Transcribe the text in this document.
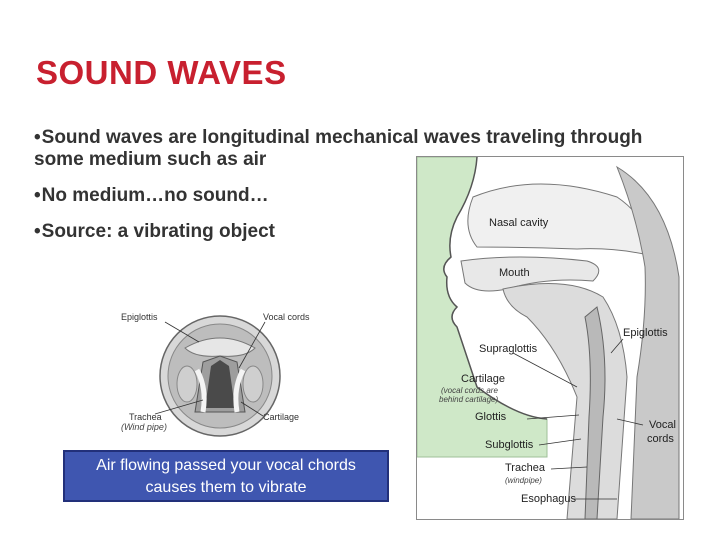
SOUND WAVES
•Sound waves are longitudinal mechanical waves traveling through some medium such as air
•No medium…no sound…
•Source: a vibrating object
Epiglottis	Vocal cords
Trachea
(Wind pipe)
Cartilage
Air flowing passed your vocal chords
causes them to vibrate
Nasal cavity
Mouth
Epiglottis
Supraglottis
Cartilage
(vocal cords are
behind cartilage)
Glottis
Vocal
cords
Subglottis
Trachea
(windpipe)
Esophagus
